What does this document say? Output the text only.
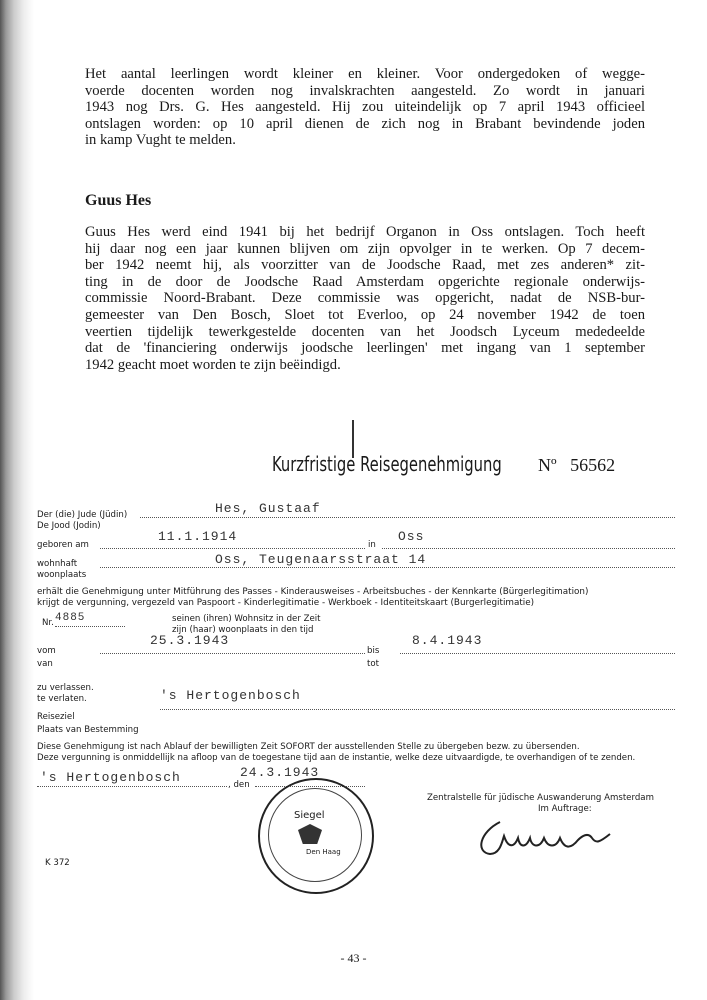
Het aantal leerlingen wordt kleiner en kleiner. Voor ondergedoken of wegge-
voerde docenten worden nog invalskrachten aangesteld. Zo wordt in januari
1943 nog Drs. G. Hes aangesteld. Hij zou uiteindelijk op 7 april 1943 officieel
ontslagen worden: op 10 april dienen de zich nog in Brabant bevindende joden
in kamp Vught te melden.
Guus Hes
Guus Hes werd eind 1941 bij het bedrijf Organon in Oss ontslagen. Toch heeft
hij daar nog een jaar kunnen blijven om zijn opvolger in te werken. Op 7 decem-
ber 1942 neemt hij, als voorzitter van de Joodsche Raad, met zes anderen* zit-
ting in de door de Joodsche Raad Amsterdam opgerichte regionale onderwijs-
commissie Noord-Brabant. Deze commissie was opgericht, nadat de NSB-bur-
gemeester van Den Bosch, Sloet tot Everloo, op 24 november 1942 de toen
veertien tijdelijk tewerkgestelde docenten van het Joodsch Lyceum mededeelde
dat de 'financiering onderwijs joodsche leerlingen' met ingang van 1 september
1942 geacht moet worden te zijn beëindigd.
Kurzfristige Reisegenehmigung Nº 56562
Der (die) Jude (Jüdin)
De Jood (Jodin)
Hes, Gustaaf
geboren am
11.1.1914
in
Oss
wohnhaft
woonplaats
Oss, Teugenaarsstraat 14
erhält die Genehmigung unter Mitführung des Passes - Kinderausweises - Arbeitsbuches - der Kennkarte (Bürgerlegitimation)
krijgt de vergunning, vergezeld van Paspoort - Kinderlegitimatie - Werkboek - Identiteitskaart (Burgerlegitimatie)
Nr. 4885	seinen (ihren) Wohnsitz in der Zeit
zijn (haar) woonplaats in den tijd
vom
van
25.3.1943
bis
tot
8.4.1943
zu verlassen.
te verlaten.
Reiseziel
Plaats van Bestemming
's Hertogenbosch
Diese Genehmigung ist nach Ablauf der bewilligten Zeit SOFORT der ausstellenden Stelle zu übergeben bezw. zu übersenden.
Deze vergunning is onmiddellijk na afloop van de toegestane tijd aan de instantie, welke deze uitvaardigde, te overhandigen of te zenden.
's Hertogenbosch	, den
24.3.1943
Zentralstelle für jüdische Auswanderung Amsterdam
Im Auftrage:
Siegel
Den Haag
K 372
- 43 -
